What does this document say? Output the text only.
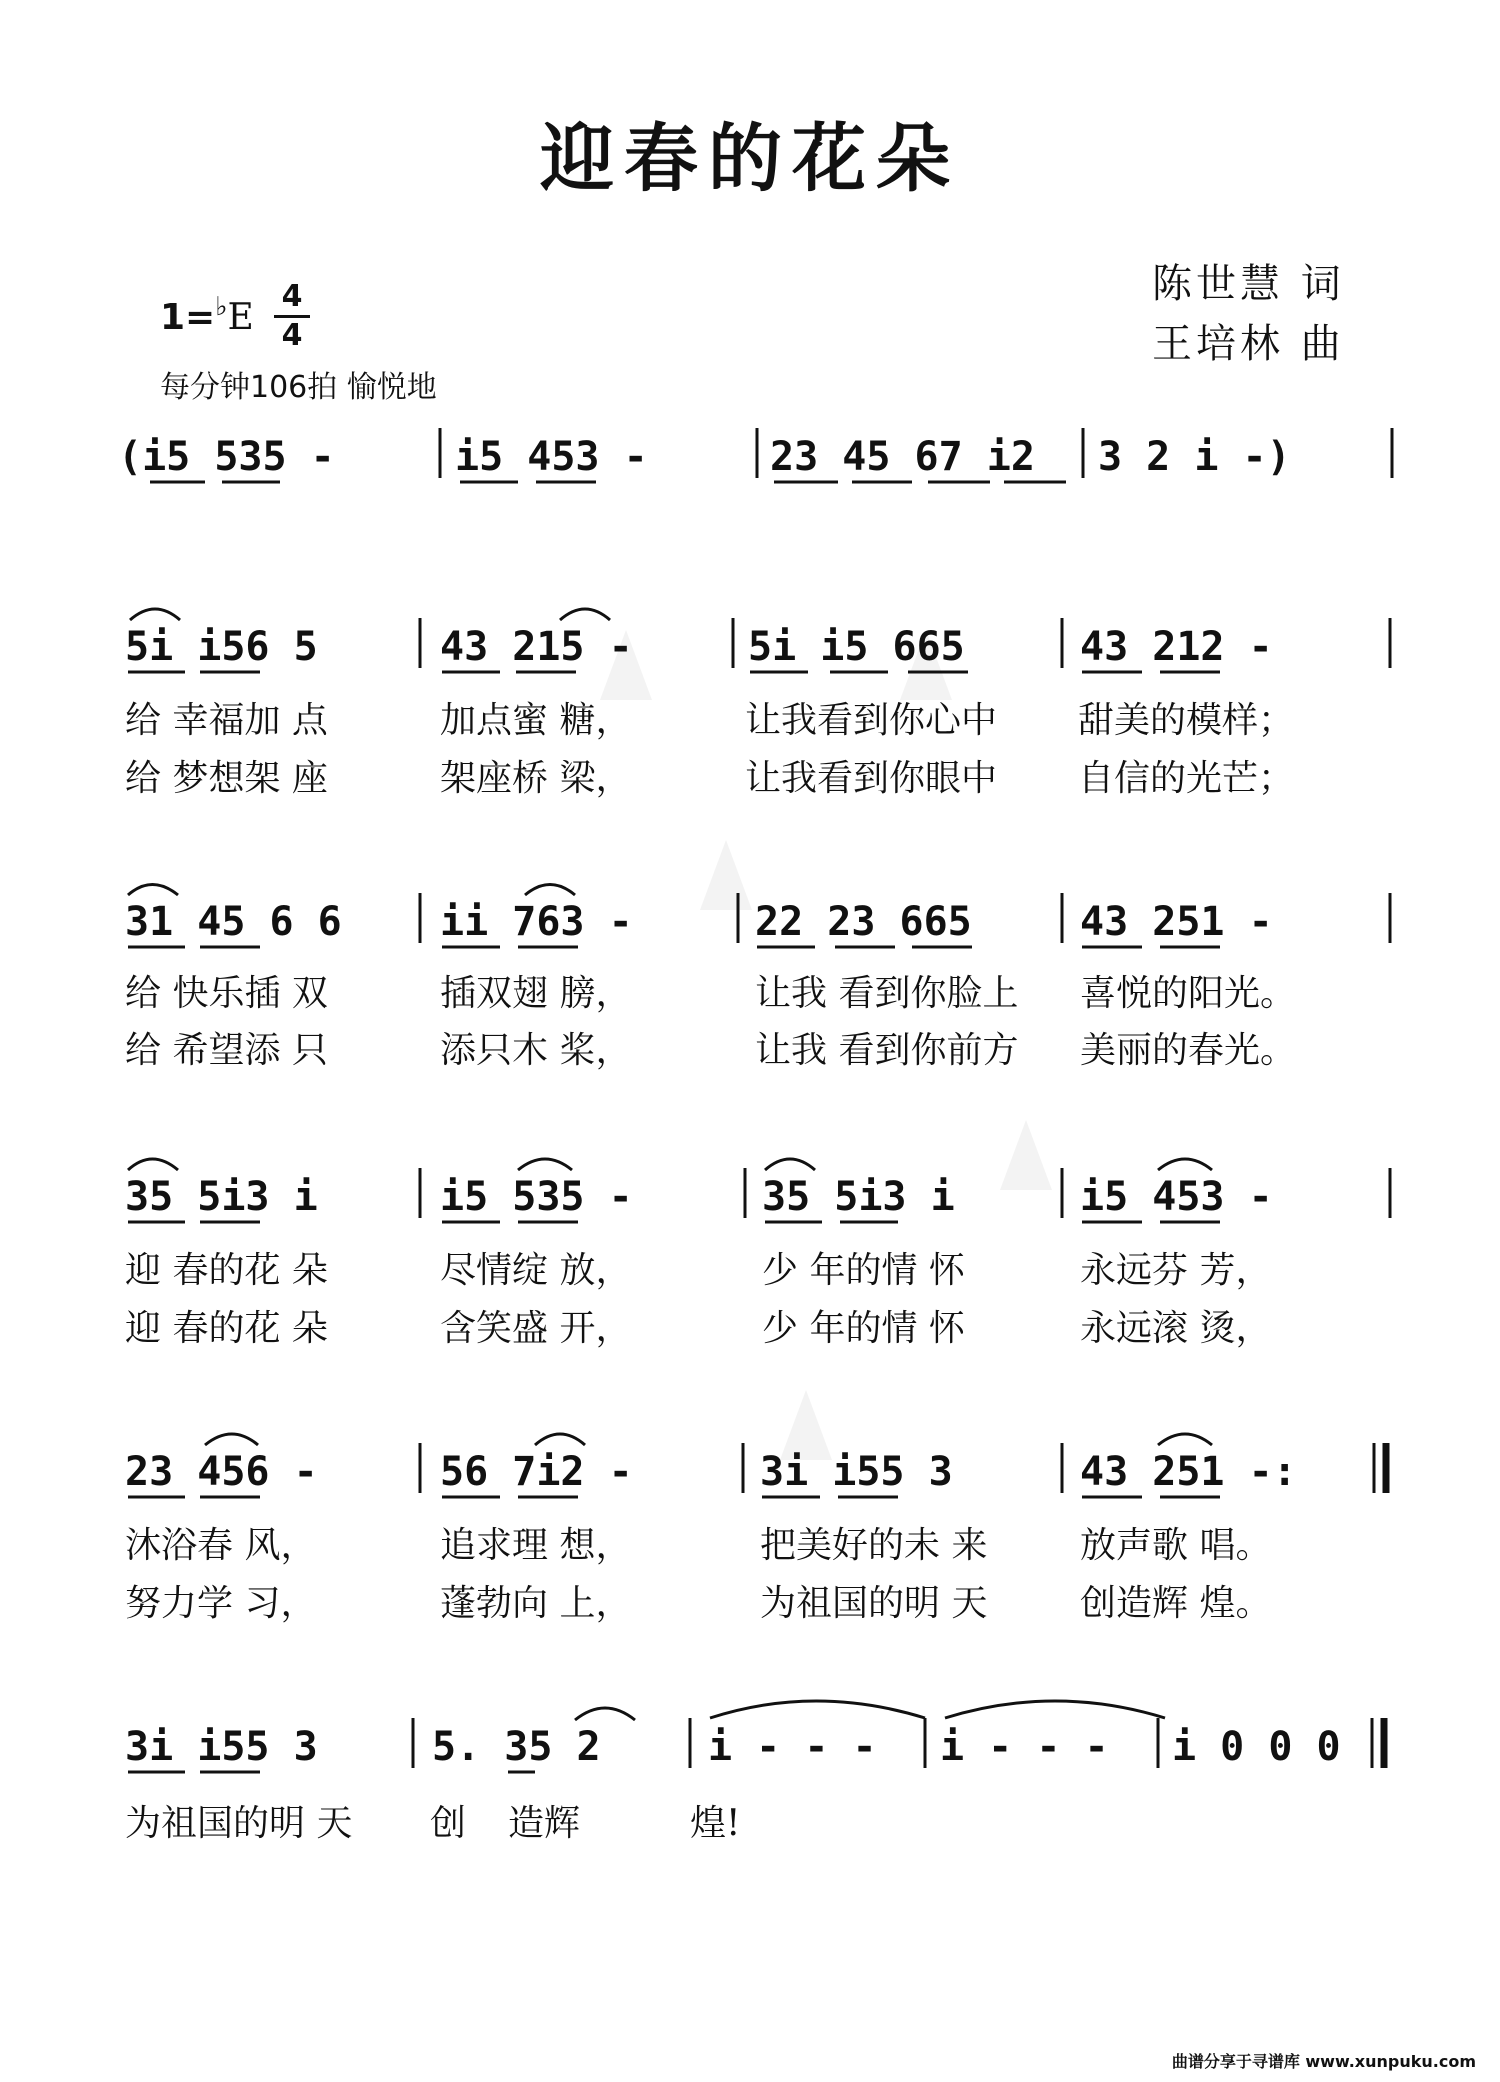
迎春的花朵
陈世慧 词
王培林 曲
1=♭E
4
4
每分钟106拍 愉悦地
(i5 535 -	i5 453 -	23 45 67 i2 3 2 i -)
5i i56 5	43 215 -	5i i5 665	43 212 -
给 幸福加 点	加点蜜 糖，	让我看到你心中 甜美的模样；
给 梦想架 座	架座桥 梁，	让我看到你眼中 自信的光芒；
31 45 6 6 ii 763 -	22 23 665	43 251 -
给 快乐插 双	插双翅 膀，	让我 看到你脸上 喜悦的阳光。
给 希望添 只	添只木 桨，	让我 看到你前方 美丽的春光。
35 5i3 i	i5 535 -	35 5i3 i	i5 453 -
迎 春的花 朵	尽情绽 放，	少 年的情 怀	永远芬 芳，
迎 春的花 朵	含笑盛 开，	少 年的情 怀	永远滚 烫，
23 456 -	56 7i2 -	3i i55 3	43 251 -:
沐浴春 风，	追求理 想，	把美好的未 来	放声歌 唱。
努力学 习，	蓬勃向 上，	为祖国的明 天	创造辉 煌。
3i i55 3	5. 35 2	i - - - i - - - i 0 0 0
为祖国的明 天 创 造辉	煌!
曲谱分享于寻谱库 www.xunpuku.com
